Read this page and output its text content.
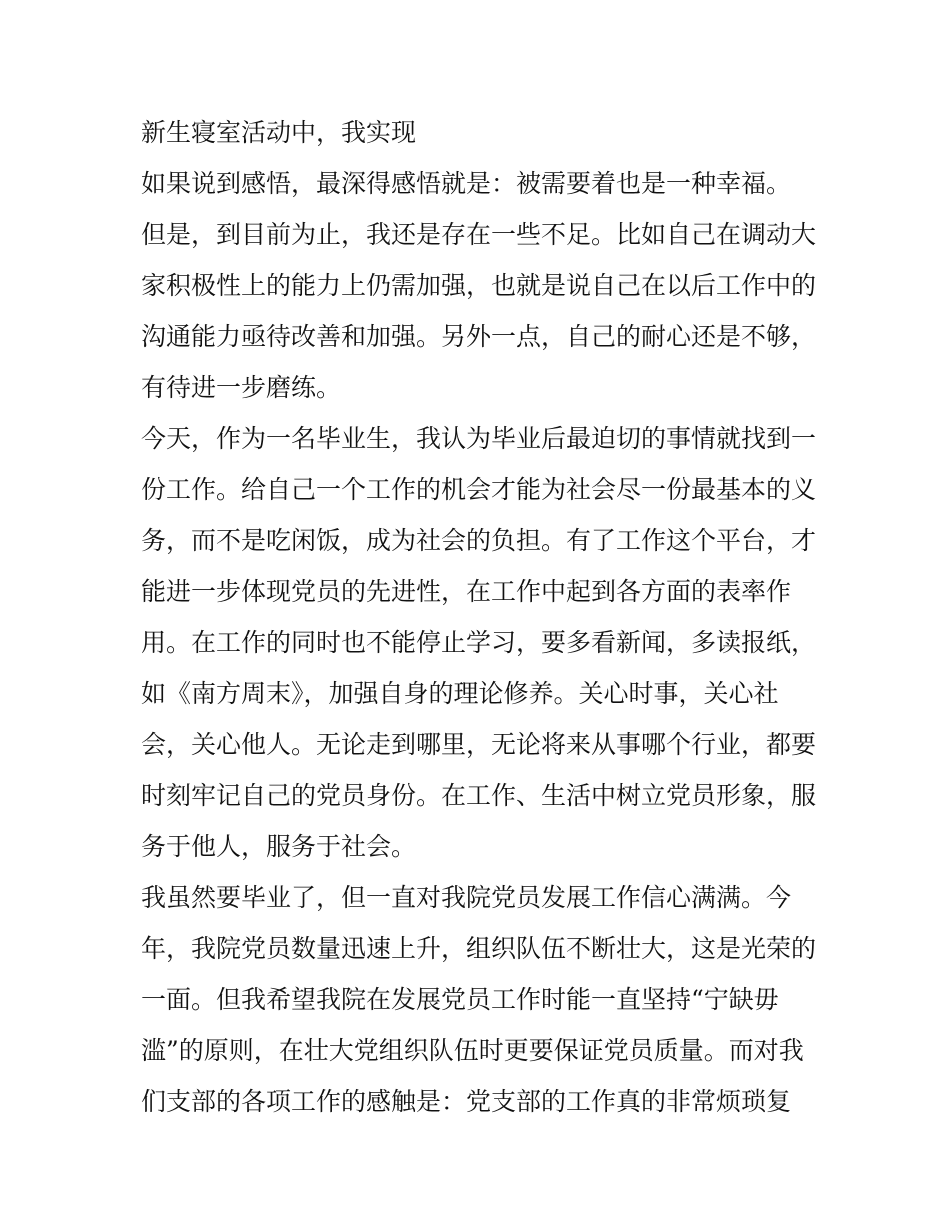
新生寝室活动中，我实现
如果说到感悟，最深得感悟就是：被需要着也是一种幸福。
但是，到目前为止，我还是存在一些不足。比如自己在调动大
家积极性上的能力上仍需加强，也就是说自己在以后工作中的
沟通能力亟待改善和加强。另外一点，自己的耐心还是不够，
有待进一步磨练。
今天，作为一名毕业生，我认为毕业后最迫切的事情就找到一
份工作。给自己一个工作的机会才能为社会尽一份最基本的义
务，而不是吃闲饭，成为社会的负担。有了工作这个平台，才
能进一步体现党员的先进性，在工作中起到各方面的表率作
用。在工作的同时也不能停止学习，要多看新闻，多读报纸，
如《南方周末》，加强自身的理论修养。关心时事，关心社
会，关心他人。无论走到哪里，无论将来从事哪个行业，都要
时刻牢记自己的党员身份。在工作、生活中树立党员形象，服
务于他人，服务于社会。
我虽然要毕业了，但一直对我院党员发展工作信心满满。今
年，我院党员数量迅速上升，组织队伍不断壮大，这是光荣的
一面。但我希望我院在发展党员工作时能一直坚持“宁缺毋
滥”的原则，在壮大党组织队伍时更要保证党员质量。而对我
们支部的各项工作的感触是：党支部的工作真的非常烦琐复
